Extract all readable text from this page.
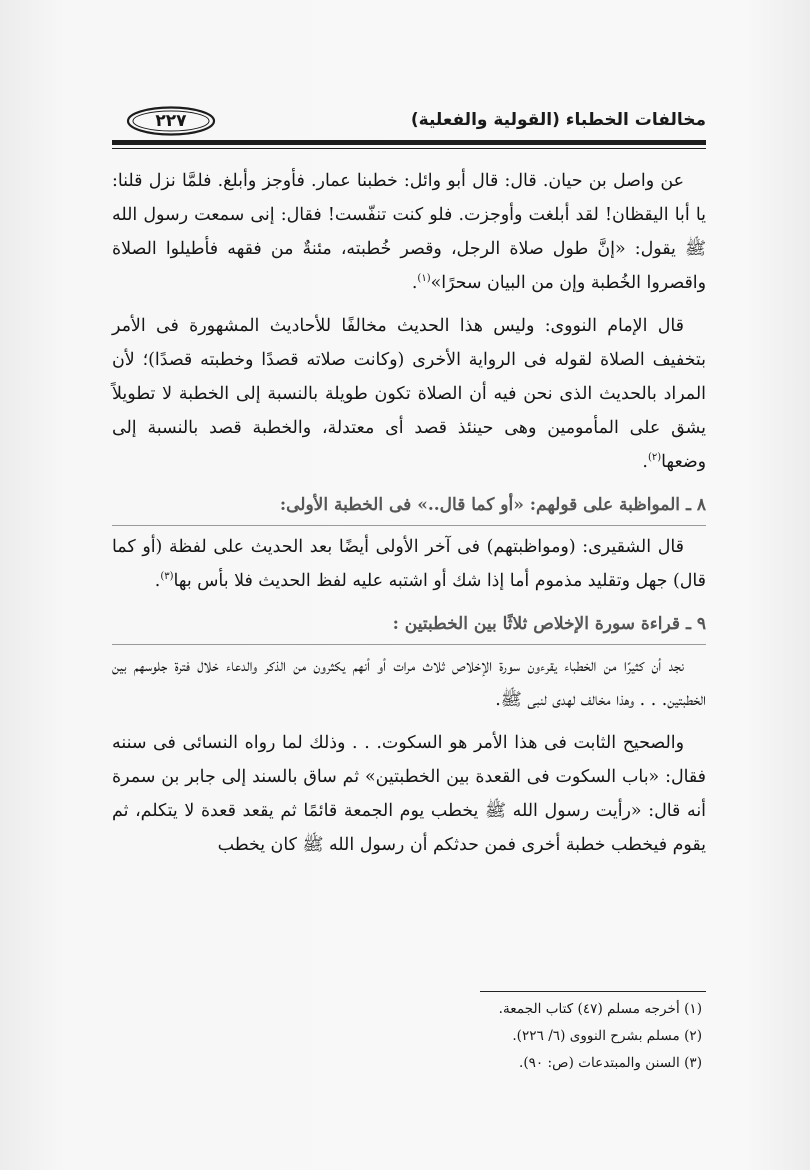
مخالفات الخطباء (القولية والفعلية)
٢٢٧

عن واصل بن حيان. قال: قال أبو وائل: خطبنا عمار. فأوجز وأبلغ. فلمَّا نزل قلنا: يا أبا اليقظان! لقد أبلغت وأوجزت. فلو كنت تنفّست! فقال: إنى سمعت رسول الله ﷺ يقول: «إنَّ طول صلاة الرجل، وقصر خُطبته، مئنةٌ من فقهه فأطيلوا الصلاة واقصروا الخُطبة وإن من البيان سحرًا»$^{(١)}$.

قال الإمام النووى: وليس هذا الحديث مخالفًا للأحاديث المشهورة فى الأمر بتخفيف الصلاة لقوله فى الرواية الأخرى (وكانت صلاته قصدًا وخطبته قصدًا)؛ لأن المراد بالحديث الذى نحن فيه أن الصلاة تكون طويلة بالنسبة إلى الخطبة لا تطويلاً يشق على المأمومين وهى حينئذ قصد أى معتدلة، والخطبة قصد بالنسبة إلى وضعها$^{(٢)}$.

٨ ـ المواظبة على قولهم: «أو كما قال..» فى الخطبة الأولى:

قال الشقيرى: (ومواظبتهم) فى آخر الأولى أيضًا بعد الحديث على لفظة (أو كما قال) جهل وتقليد مذموم أما إذا شك أو اشتبه عليه لفظ الحديث فلا بأس بها$^{(٣)}$.

٩ ـ قراءة سورة الإخلاص ثلاثًا بين الخطبتين :

نجد أن كثيرًا من الخطباء يقرءون سورة الإخلاص ثلاث مرات أو أنهم يكثرون من الذكر والدعاء خلال فترة جلوسهم بين الخطبتين. . . وهذا مخالف لهدى لنبى ﷺ.

والصحيح الثابت فى هذا الأمر هو السكوت. . . وذلك لما رواه النسائى فى سننه فقال: «باب السكوت فى القعدة بين الخطبتين» ثم ساق بالسند إلى جابر بن سمرة أنه قال: «رأيت رسول الله ﷺ يخطب يوم الجمعة قائمًا ثم يقعد قعدة لا يتكلم، ثم يقوم فيخطب خطبة أخرى فمن حدثكم أن رسول الله ﷺ كان يخطب

(١) أخرجه مسلم (٤٧) كتاب الجمعة.
(٢) مسلم بشرح النووى (٦/ ٢٢٦).
(٣) السنن والمبتدعات (ص: ٩٠).
